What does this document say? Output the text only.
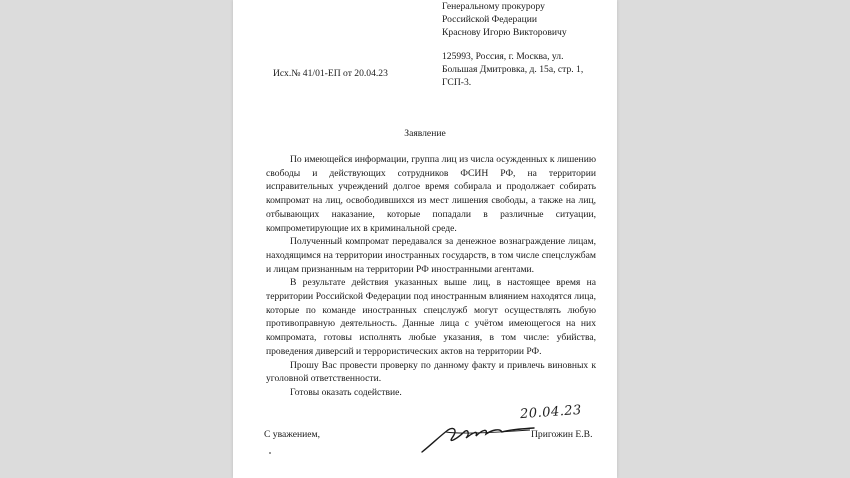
Генеральному прокурору
Российской Федерации
Краснову Игорю Викторовичу
125993, Россия, г. Москва, ул.
Большая Дмитровка, д. 15а, стр. 1,
ГСП-3.
Исх.№ 41/01-ЕП от 20.04.23
Заявление

По имеющейся информации, группа лиц из числа осужденных к лишению свободы и действующих сотрудников ФСИН РФ, на территории исправительных учреждений долгое время собирала и продолжает собирать компромат на лиц, освободившихся из мест лишения свободы, а также на лиц, отбывающих наказание, которые попадали в различные ситуации, компрометирующие их в криминальной среде.

Полученный компромат передавался за денежное вознаграждение лицам, находящимся на территории иностранных государств, в том числе спецслужбам и лицам признанным на территории РФ иностранными агентами.

В результате действия указанных выше лиц, в настоящее время на территории Российской Федерации под иностранным влиянием находятся лица, которые по команде иностранных спецслужб могут осуществлять любую противоправную деятельность. Данные лица с учётом имеющегося на них компромата, готовы исполнять любые указания, в том числе: убийства, проведения диверсий и террористических актов на территории РФ.

Прошу Вас провести проверку по данному факту и привлечь виновных к уголовной ответственности.

Готовы оказать содействие.

20.04.23
С уважением,	Пригожин Е.В.
